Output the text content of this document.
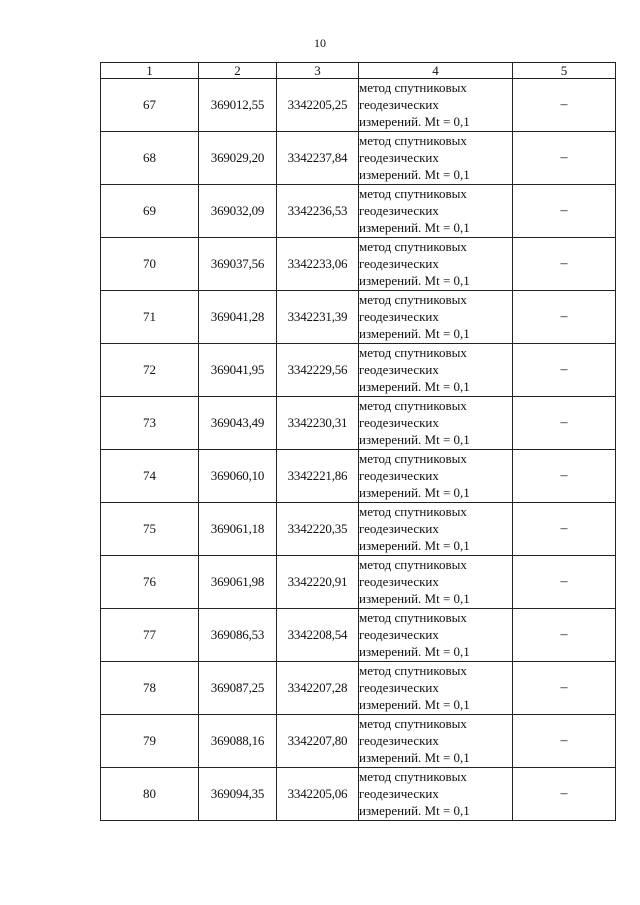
10
1	2	3	4	5
67	369012,55	3342205,25	метод спутниковых
геодезических
измерений. Mt = 0,1	–
68	369029,20	3342237,84	метод спутниковых
геодезических
измерений. Mt = 0,1	–
69	369032,09	3342236,53	метод спутниковых
геодезических
измерений. Mt = 0,1	–
70	369037,56	3342233,06	метод спутниковых
геодезических
измерений. Mt = 0,1	–
71	369041,28	3342231,39	метод спутниковых
геодезических
измерений. Mt = 0,1	–
72	369041,95	3342229,56	метод спутниковых
геодезических
измерений. Mt = 0,1	–
73	369043,49	3342230,31	метод спутниковых
геодезических
измерений. Mt = 0,1	–
74	369060,10	3342221,86	метод спутниковых
геодезических
измерений. Mt = 0,1	–
75	369061,18	3342220,35	метод спутниковых
геодезических
измерений. Mt = 0,1	–
76	369061,98	3342220,91	метод спутниковых
геодезических
измерений. Mt = 0,1	–
77	369086,53	3342208,54	метод спутниковых
геодезических
измерений. Mt = 0,1	–
78	369087,25	3342207,28	метод спутниковых
геодезических
измерений. Mt = 0,1	–
79	369088,16	3342207,80	метод спутниковых
геодезических
измерений. Mt = 0,1	–
80	369094,35	3342205,06	метод спутниковых
геодезических
измерений. Mt = 0,1	–
